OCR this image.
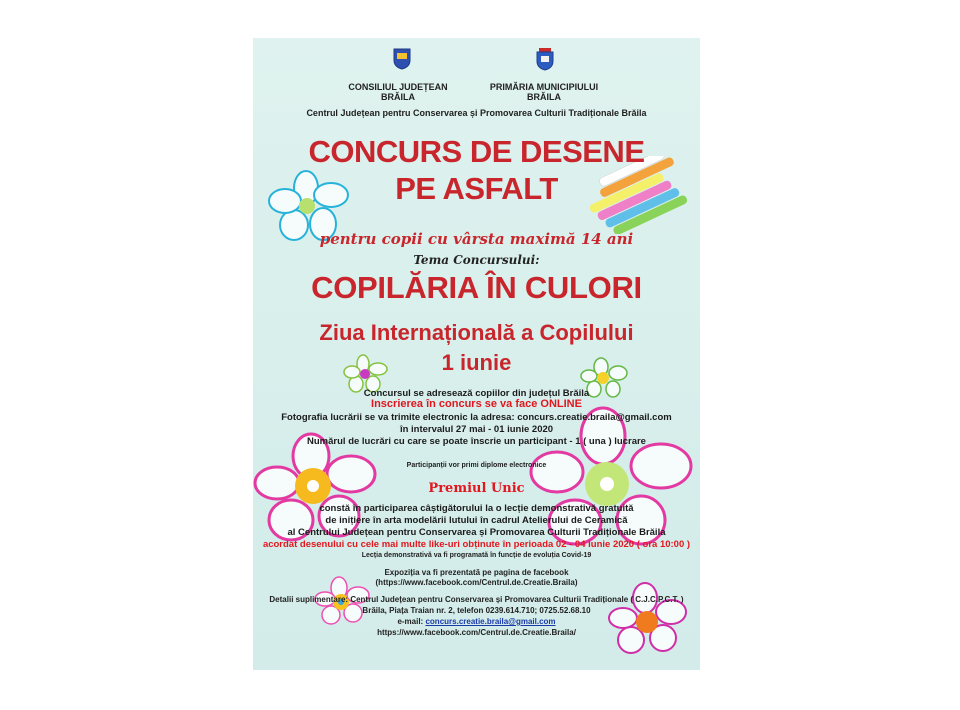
CONSILIUL JUDEȚEAN BRĂILA
PRIMĂRIA MUNICIPIULUI BRĂILA
Centrul Județean pentru Conservarea și Promovarea Culturii Tradiționale Brăila
CONCURS DE DESENE
PE ASFALT
pentru copii cu vârsta maximă 14 ani
Tema Concursului:
COPILĂRIA ÎN CULORI
Ziua Internațională a Copilului
1 iunie
Concursul se adresează copiilor din județul Brăila
Inscrierea în concurs se va face ONLINE
Fotografia lucrării se va trimite electronic la adresa: concurs.creatie.braila@gmail.com
în intervalul 27 mai - 01 iunie 2020
Numărul de lucrări cu care se poate înscrie un participant - 1 ( una ) lucrare
Participanții vor primi diplome electronice
Premiul Unic
constă în participarea câștigătorului la o lecție demonstrativă gratuită
de inițiere în arta modelării lutului în cadrul Atelierului de Ceramică
al Centrului Județean pentru Conservarea și Promovarea Culturii Tradiționale Brăila
acordat desenului cu cele mai multe like-uri obținute în perioada 02 - 04 iunie 2020 ( ora 10:00 )
Lecția demonstrativă va fi programată în funcție de evoluția Covid-19
Expoziția va fi prezentată pe pagina de facebook
(https://www.facebook.com/Centrul.de.Creatie.Braila)
Detalii suplimentare: Centrul Județean pentru Conservarea și Promovarea Culturii Tradiționale ( C.J.C.P.C.T. )
Brăila, Piața Traian nr. 2, telefon 0239.614.710; 0725.52.68.10
e-mail: concurs.creatie.braila@gmail.com
https://www.facebook.com/Centrul.de.Creatie.Braila/
